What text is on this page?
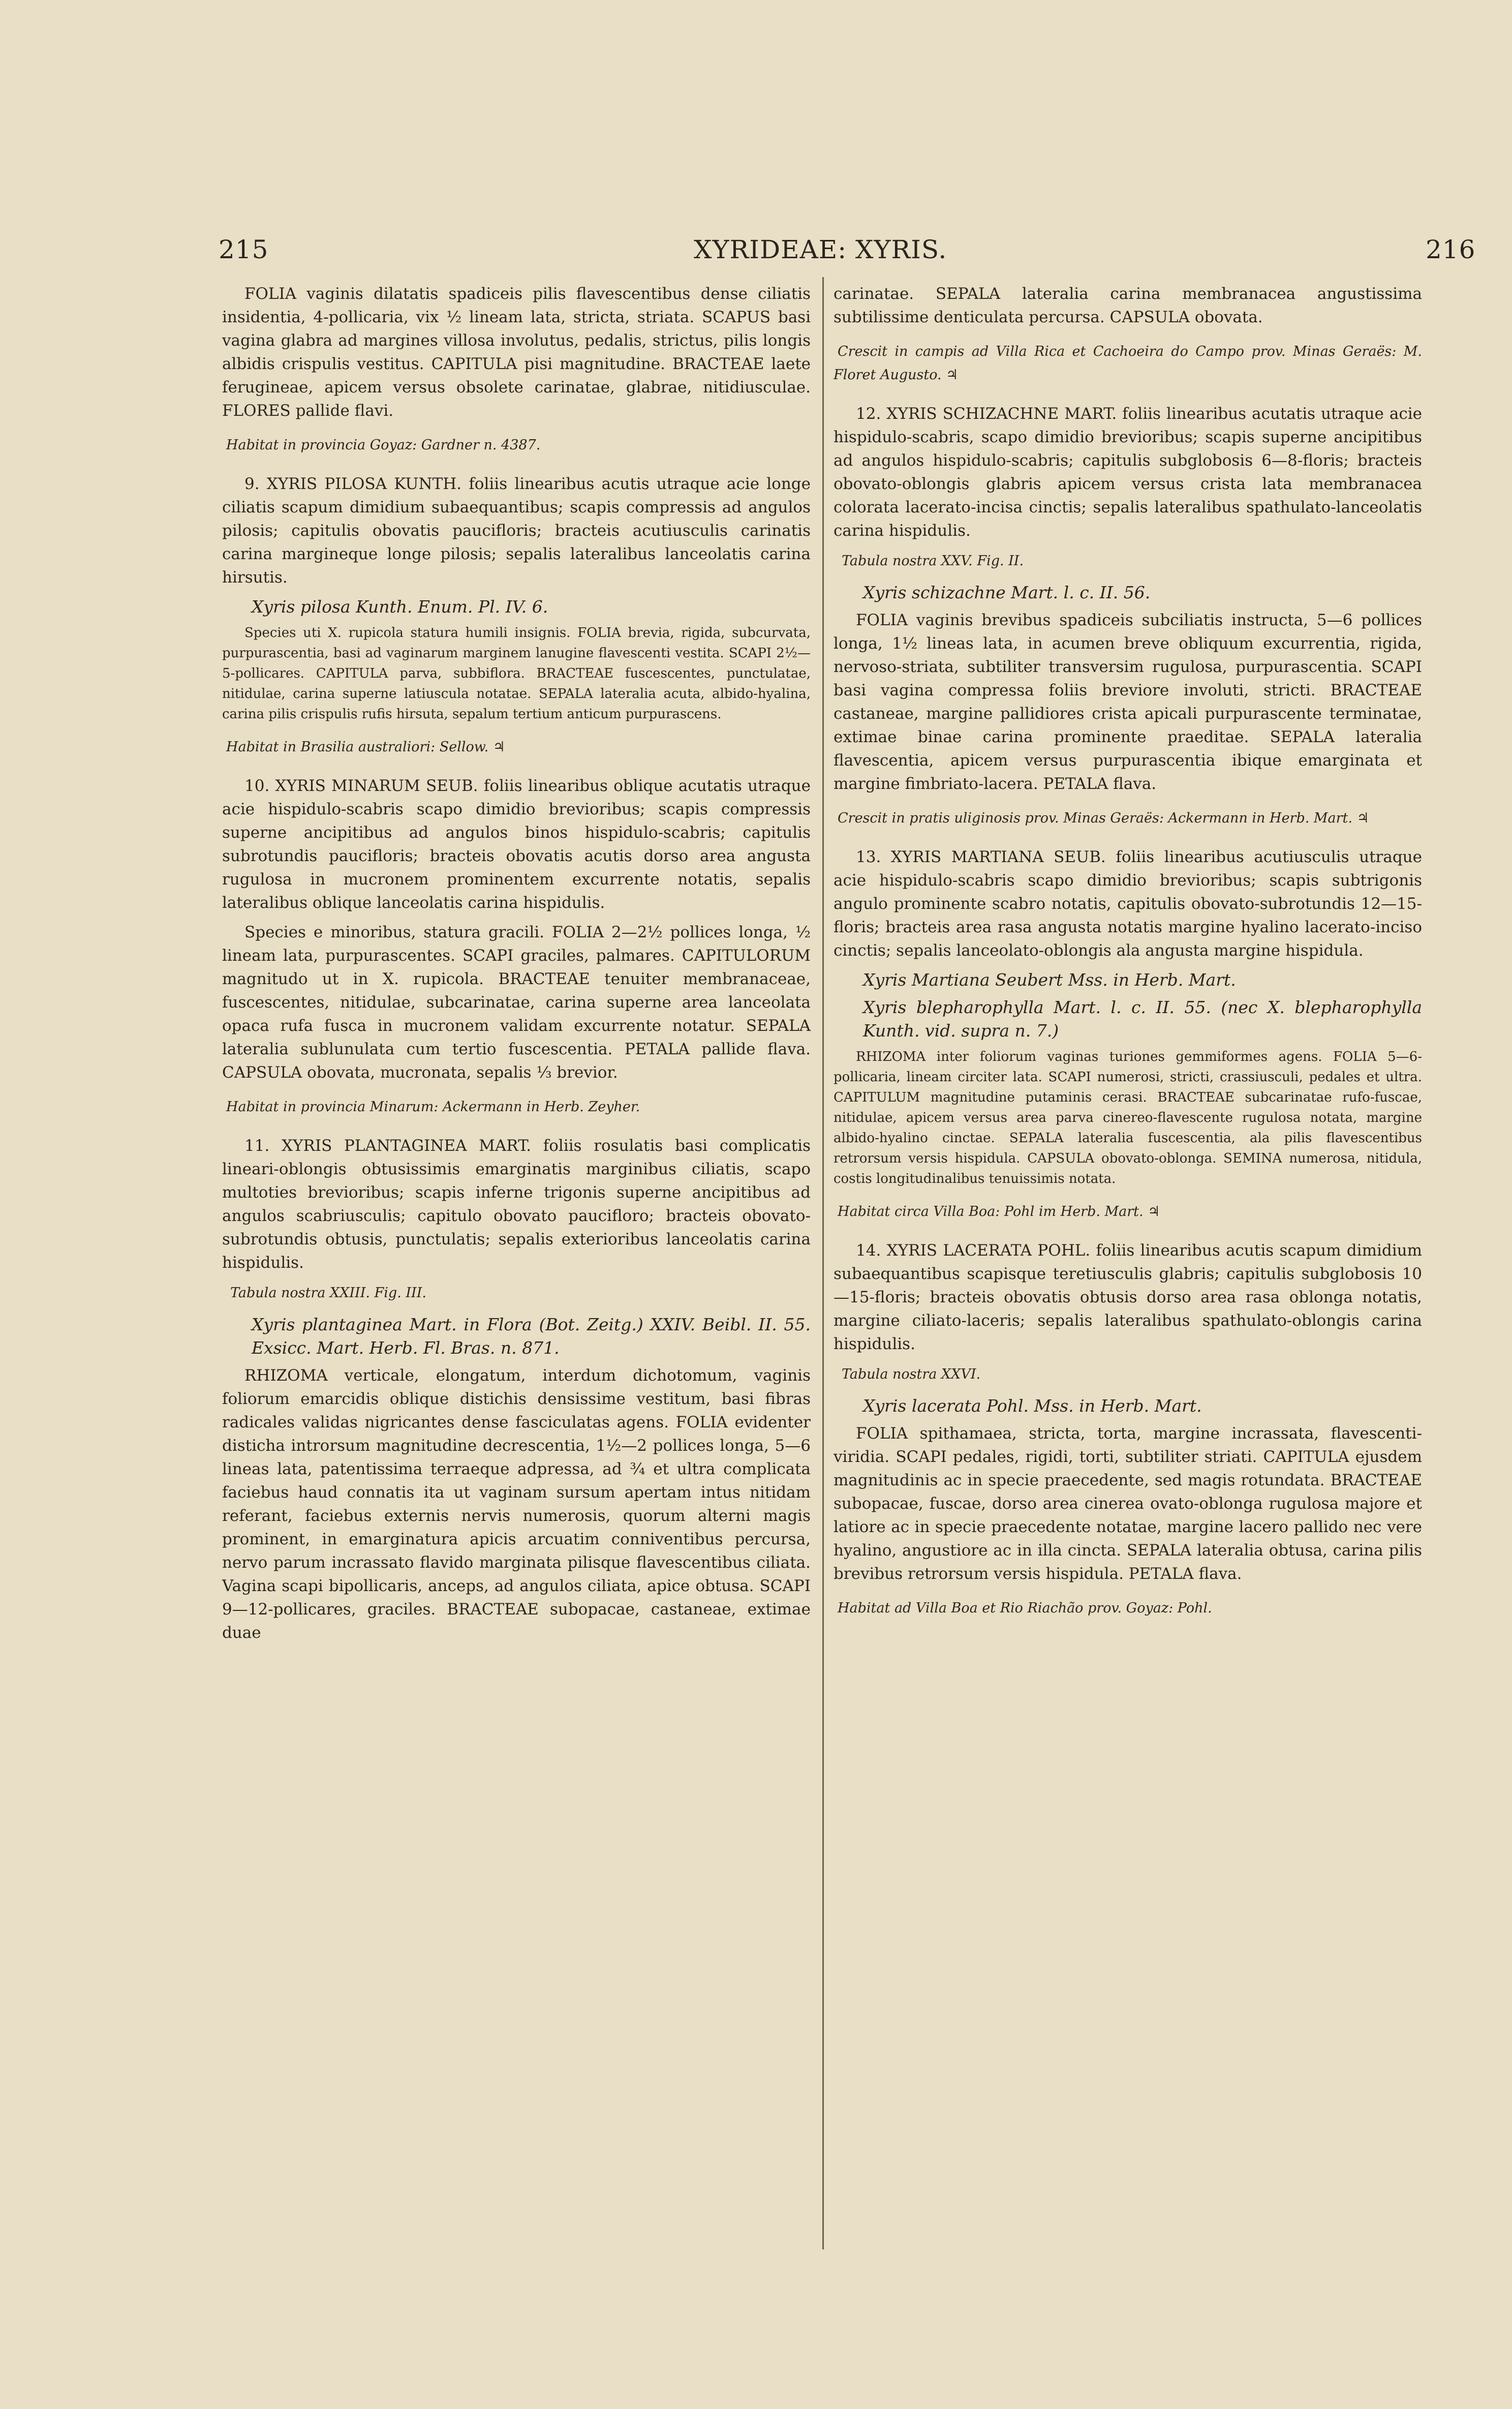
215	XYRIDEAE: XYRIS.	216

FOLIA vaginis dilatatis spadiceis pilis flavescentibus dense ciliatis insidentia, 4-pollicaria, vix ½ lineam lata, stricta, striata. SCAPUS basi vagina glabra ad margines villosa involutus, pedalis, strictus, pilis longis albidis crispulis vestitus. CAPITULA pisi magnitudine. BRACTEAE laete ferugineae, apicem versus obsolete carinatae, glabrae, nitidiusculae. FLORES pallide flavi.

Habitat in provincia Goyaz: Gardner n. 4387.

9. XYRIS PILOSA KUNTH. foliis linearibus acutis utraque acie longe ciliatis scapum dimidium subaequantibus; scapis compressis ad angulos pilosis; capitulis obovatis paucifloris; bracteis acutiusculis carinatis carina margineque longe pilosis; sepalis lateralibus lanceolatis carina hirsutis.

Xyris pilosa Kunth. Enum. Pl. IV. 6.

Species uti X. rupicola statura humili insignis. FOLIA brevia, rigida, subcurvata, purpurascentia, basi ad vaginarum marginem lanugine flavescenti vestita. SCAPI 2½—5-pollicares. CAPITULA parva, subbiflora. BRACTEAE fuscescentes, punctulatae, nitidulae, carina superne latiuscula notatae. SEPALA lateralia acuta, albido-hyalina, carina pilis crispulis rufis hirsuta, sepalum tertium anticum purpurascens.

Habitat in Brasilia australiori: Sellow. ♃

10. XYRIS MINARUM SEUB. foliis linearibus oblique acutatis utraque acie hispidulo-scabris scapo dimidio brevioribus; scapis compressis superne ancipitibus ad angulos binos hispidulo-scabris; capitulis subrotundis paucifloris; bracteis obovatis acutis dorso area angusta rugulosa in mucronem prominentem excurrente notatis, sepalis lateralibus oblique lanceolatis carina hispidulis.

Species e minoribus, statura gracili. FOLIA 2—2½ pollices longa, ½ lineam lata, purpurascentes. SCAPI graciles, palmares. CAPITULORUM magnitudo ut in X. rupicola. BRACTEAE tenuiter membranaceae, fuscescentes, nitidulae, subcarinatae, carina superne area lanceolata opaca rufa fusca in mucronem validam excurrente notatur. SEPALA lateralia sublunulata cum tertio fuscescentia. PETALA pallide flava. CAPSULA obovata, mucronata, sepalis ⅓ brevior.

Habitat in provincia Minarum: Ackermann in Herb. Zeyher.

11. XYRIS PLANTAGINEA MART. foliis rosulatis basi complicatis lineari-oblongis obtusissimis emarginatis marginibus ciliatis, scapo multoties brevioribus; scapis inferne trigonis superne ancipitibus ad angulos scabriusculis; capitulo obovato paucifloro; bracteis obovato-subrotundis obtusis, punctulatis; sepalis exterioribus lanceolatis carina hispidulis.

Tabula nostra XXIII. Fig. III.

Xyris plantaginea Mart. in Flora (Bot. Zeitg.) XXIV. Beibl. II. 55. Exsicc. Mart. Herb. Fl. Bras. n. 871.

RHIZOMA verticale, elongatum, interdum dichotomum, vaginis foliorum emarcidis oblique distichis densissime vestitum, basi fibras radicales validas nigricantes dense fasciculatas agens. FOLIA evidenter disticha introrsum magnitudine decrescentia, 1½—2 pollices longa, 5—6 lineas lata, patentissima terraeque adpressa, ad ¾ et ultra complicata faciebus haud connatis ita ut vaginam sursum apertam intus nitidam referant, faciebus externis nervis numerosis, quorum alterni magis prominent, in emarginatura apicis arcuatim conniventibus percursa, nervo parum incrassato flavido marginata pilisque flavescentibus ciliata. Vagina scapi bipollicaris, anceps, ad angulos ciliata, apice obtusa. SCAPI 9—12-pollicares, graciles. BRACTEAE subopacae, castaneae, extimae duae

carinatae. SEPALA lateralia carina membranacea angustissima subtilissime denticulata percursa. CAPSULA obovata.

Crescit in campis ad Villa Rica et Cachoeira do Campo prov. Minas Geraës: M. Floret Augusto. ♃

12. XYRIS SCHIZACHNE MART. foliis linearibus acutatis utraque acie hispidulo-scabris, scapo dimidio brevioribus; scapis superne ancipitibus ad angulos hispidulo-scabris; capitulis subglobosis 6—8-floris; bracteis obovato-oblongis glabris apicem versus crista lata membranacea colorata lacerato-incisa cinctis; sepalis lateralibus spathulato-lanceolatis carina hispidulis.

Tabula nostra XXV. Fig. II.

Xyris schizachne Mart. l. c. II. 56.

FOLIA vaginis brevibus spadiceis subciliatis instructa, 5—6 pollices longa, 1½ lineas lata, in acumen breve obliquum excurrentia, rigida, nervoso-striata, subtiliter transversim rugulosa, purpurascentia. SCAPI basi vagina compressa foliis breviore involuti, stricti. BRACTEAE castaneae, margine pallidiores crista apicali purpurascente terminatae, extimae binae carina prominente praeditae. SEPALA lateralia flavescentia, apicem versus purpurascentia ibique emarginata et margine fimbriato-lacera. PETALA flava.

Crescit in pratis uliginosis prov. Minas Geraës: Ackermann in Herb. Mart. ♃

13. XYRIS MARTIANA SEUB. foliis linearibus acutiusculis utraque acie hispidulo-scabris scapo dimidio brevioribus; scapis subtrigonis angulo prominente scabro notatis, capitulis obovato-subrotundis 12—15-floris; bracteis area rasa angusta notatis margine hyalino lacerato-inciso cinctis; sepalis lanceolato-oblongis ala angusta margine hispidula.

Xyris Martiana Seubert Mss. in Herb. Mart.

Xyris blepharophylla Mart. l. c. II. 55. (nec X. blepharophylla Kunth. vid. supra n. 7.)

RHIZOMA inter foliorum vaginas turiones gemmiformes agens. FOLIA 5—6-pollicaria, lineam circiter lata. SCAPI numerosi, stricti, crassiusculi, pedales et ultra. CAPITULUM magnitudine putaminis cerasi. BRACTEAE subcarinatae rufo-fuscae, nitidulae, apicem versus area parva cinereo-flavescente rugulosa notata, margine albido-hyalino cinctae. SEPALA lateralia fuscescentia, ala pilis flavescentibus retrorsum versis hispidula. CAPSULA obovato-oblonga. SEMINA numerosa, nitidula, costis longitudinalibus tenuissimis notata.

Habitat circa Villa Boa: Pohl im Herb. Mart. ♃

14. XYRIS LACERATA POHL. foliis linearibus acutis scapum dimidium subaequantibus scapisque teretiusculis glabris; capitulis subglobosis 10—15-floris; bracteis obovatis obtusis dorso area rasa oblonga notatis, margine ciliato-laceris; sepalis lateralibus spathulato-oblongis carina hispidulis.

Tabula nostra XXVI.

Xyris lacerata Pohl. Mss. in Herb. Mart.

FOLIA spithamaea, stricta, torta, margine incrassata, flavescenti-viridia. SCAPI pedales, rigidi, torti, subtiliter striati. CAPITULA ejusdem magnitudinis ac in specie praecedente, sed magis rotundata. BRACTEAE subopacae, fuscae, dorso area cinerea ovato-oblonga rugulosa majore et latiore ac in specie praecedente notatae, margine lacero pallido nec vere hyalino, angustiore ac in illa cincta. SEPALA lateralia obtusa, carina pilis brevibus retrorsum versis hispidula. PETALA flava.

Habitat ad Villa Boa et Rio Riachão prov. Goyaz: Pohl.
